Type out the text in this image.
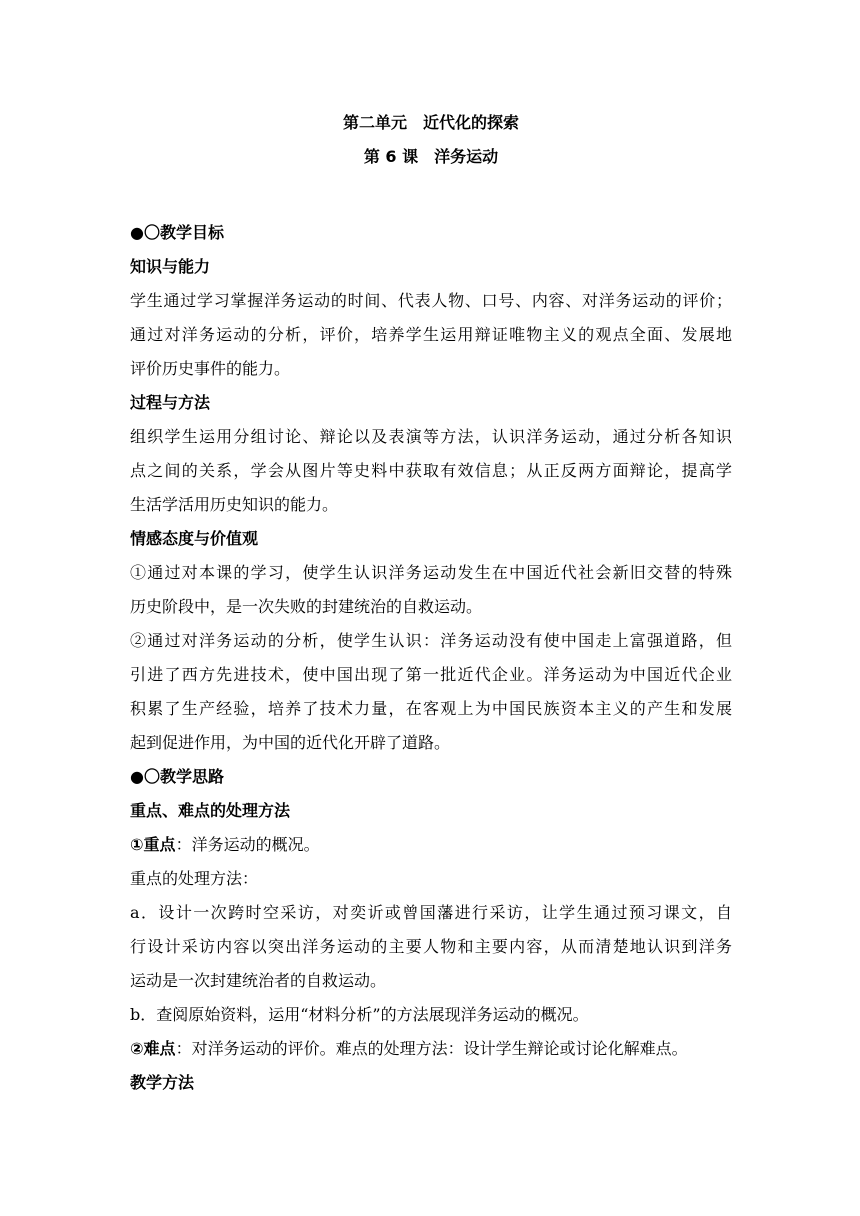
第二单元　近代化的探索
第 6 课　洋务运动
●〇教学目标
知识与能力
学生通过学习掌握洋务运动的时间、代表人物、口号、内容、对洋务运动的评价；
通过对洋务运动的分析，评价，培养学生运用辩证唯物主义的观点全面、发展地
评价历史事件的能力。
过程与方法
组织学生运用分组讨论、辩论以及表演等方法，认识洋务运动，通过分析各知识
点之间的关系，学会从图片等史料中获取有效信息；从正反两方面辩论，提高学
生活学活用历史知识的能力。
情感态度与价值观
①通过对本课的学习，使学生认识洋务运动发生在中国近代社会新旧交替的特殊
历史阶段中，是一次失败的封建统治的自救运动。
②通过对洋务运动的分析，使学生认识：洋务运动没有使中国走上富强道路，但
引进了西方先进技术，使中国出现了第一批近代企业。洋务运动为中国近代企业
积累了生产经验，培养了技术力量，在客观上为中国民族资本主义的产生和发展
起到促进作用，为中国的近代化开辟了道路。
●〇教学思路
重点、难点的处理方法
①重点：洋务运动的概况。
重点的处理方法：
a．设计一次跨时空采访，对奕䜣或曾国藩进行采访，让学生通过预习课文，自
行设计采访内容以突出洋务运动的主要人物和主要内容，从而清楚地认识到洋务
运动是一次封建统治者的自救运动。
b．查阅原始资料，运用“材料分析”的方法展现洋务运动的概况。
②难点：对洋务运动的评价。难点的处理方法：设计学生辩论或讨论化解难点。
教学方法
